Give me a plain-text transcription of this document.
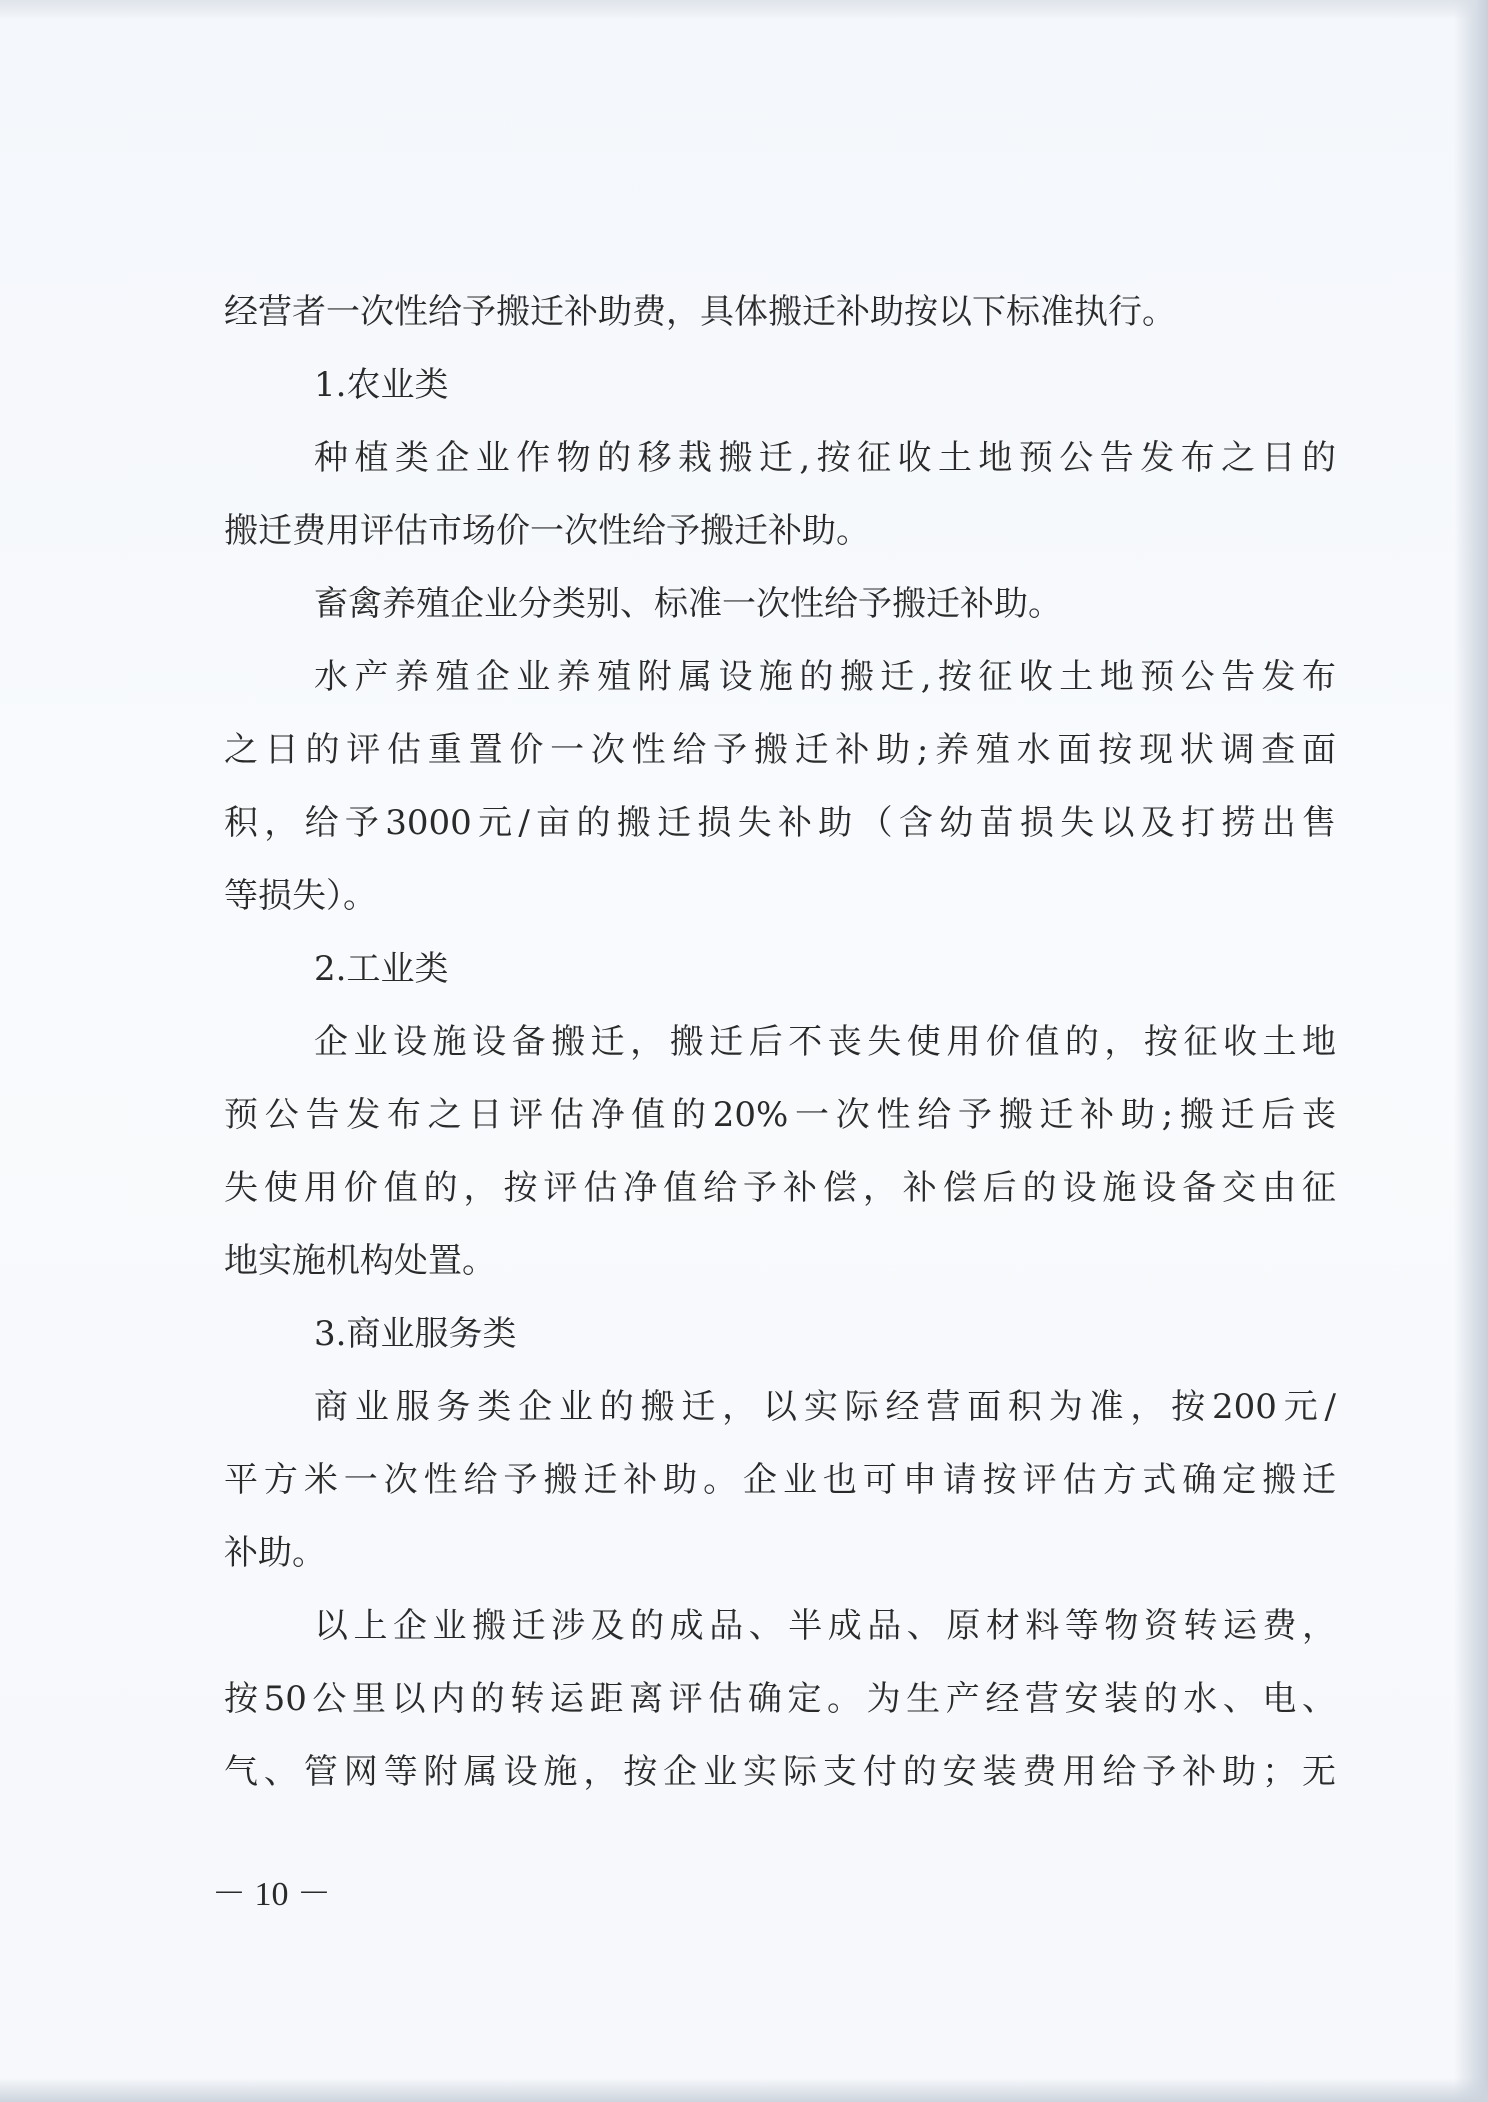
经营者一次性给予搬迁补助费，具体搬迁补助按以下标准执行。
1.农业类
种植类企业作物的移栽搬迁,按征收土地预公告发布之日的
搬迁费用评估市场价一次性给予搬迁补助。
畜禽养殖企业分类别、标准一次性给予搬迁补助。
水产养殖企业养殖附属设施的搬迁,按征收土地预公告发布
之日的评估重置价一次性给予搬迁补助;养殖水面按现状调查面
积，给予3000元/亩的搬迁损失补助（含幼苗损失以及打捞出售
等损失）。
2.工业类
企业设施设备搬迁，搬迁后不丧失使用价值的，按征收土地
预公告发布之日评估净值的20%一次性给予搬迁补助;搬迁后丧
失使用价值的，按评估净值给予补偿，补偿后的设施设备交由征
地实施机构处置。
3.商业服务类
商业服务类企业的搬迁，以实际经营面积为准，按200元/
平方米一次性给予搬迁补助。企业也可申请按评估方式确定搬迁
补助。
以上企业搬迁涉及的成品、半成品、原材料等物资转运费，
按50公里以内的转运距离评估确定。为生产经营安装的水、电、
气、管网等附属设施，按企业实际支付的安装费用给予补助；无
－ 10 －
